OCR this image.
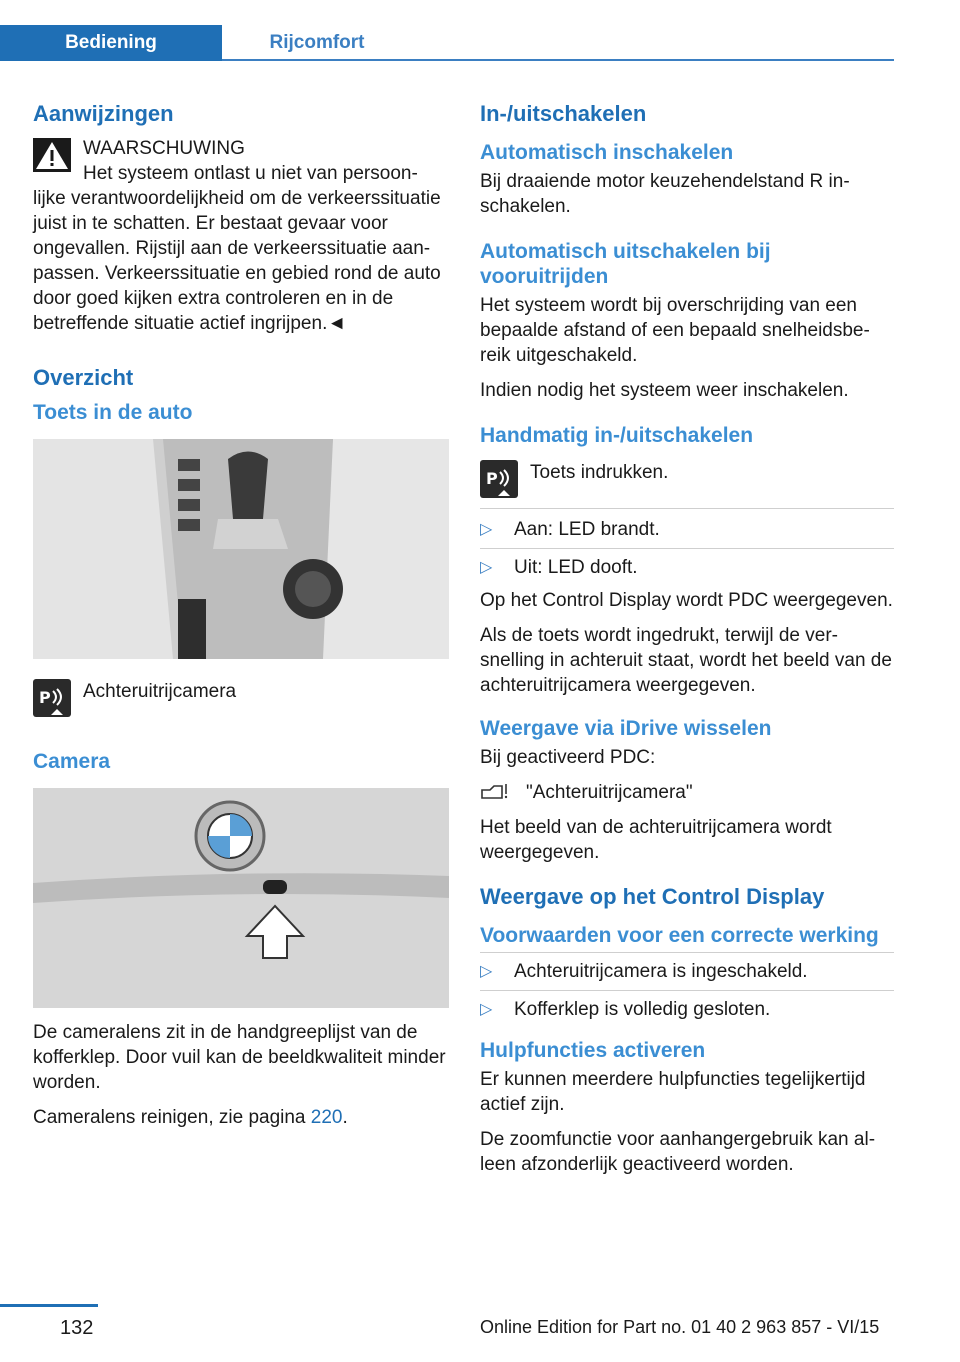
Bediening	Rijcomfort
Aanwijzingen
WAARSCHUWING

Het systeem ontlast u niet van persoon-

lijke verantwoordelijkheid om de verkeerssituatie juist in te schatten. Er bestaat gevaar voor ongevallen. Rijstijl aan de verkeerssituatie aanpassen. Verkeerssituatie en gebied rond de auto door goed kijken extra controleren en in de betreffende situatie actief ingrijpen.◄

Overzicht
Toets in de auto
P	Achteruitrijcamera
Camera

De cameralens zit in de handgreeplijst van de kofferklep. Door vuil kan de beeldkwaliteit minder worden.

Cameralens reinigen, zie pagina 220.

In-/uitschakelen
Automatisch inschakelen

Bij draaiende motor keuzehendelstand R inschakelen.

Automatisch uitschakelen bij vooruitrijden

Het systeem wordt bij overschrijding van een bepaalde afstand of een bepaald snelheidsbereik uitgeschakeld.

Indien nodig het systeem weer inschakelen.

Handmatig in-/uitschakelen
P	Toets indrukken.
▷	Aan: LED brandt.
▷	Uit: LED dooft.

Op het Control Display wordt PDC weergegeven.

Als de toets wordt ingedrukt, terwijl de versnelling in achteruit staat, wordt het beeld van de achteruitrijcamera weergegeven.

Weergave via iDrive wisselen

Bij geactiveerd PDC:

"Achteruitrijcamera"

Het beeld van de achteruitrijcamera wordt weergegeven.

Weergave op het Control Display
Voorwaarden voor een correcte werking
▷	Achteruitrijcamera is ingeschakeld.
▷	Kofferklep is volledig gesloten.
Hulpfuncties activeren

Er kunnen meerdere hulpfuncties tegelijkertijd actief zijn.

De zoomfunctie voor aanhangergebruik kan alleen afzonderlijk geactiveerd worden.

132	Online Edition for Part no. 01 40 2 963 857 - VI/15
